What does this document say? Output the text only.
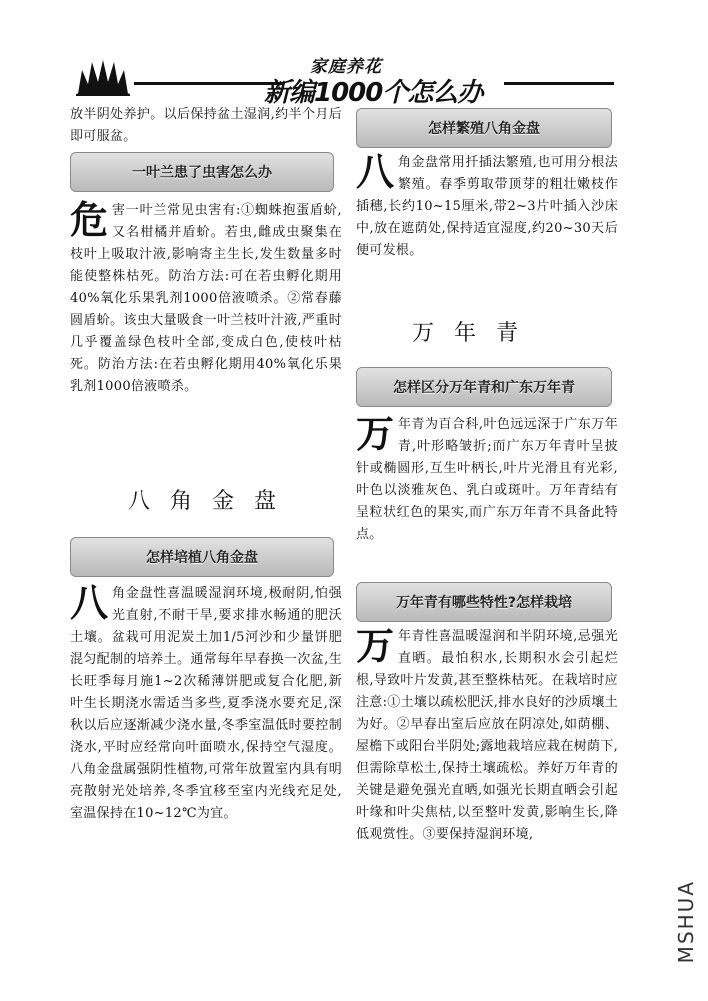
家庭养花
新编1000个怎么办

放半阴处养护。以后保持盆土湿润,约半个月后即可服盆。

一叶兰患了虫害怎么办

危 害一叶兰常见虫害有:①蜘蛛抱蛋盾蚧,又名柑橘并盾蚧。若虫,雌成虫聚集在枝叶上吸取汁液,影响寄主生长,发生数量多时能使整株枯死。防治方法:可在若虫孵化期用40%氧化乐果乳剂1000倍液喷杀。②常春藤圆盾蚧。该虫大量吸食一叶兰枝叶汁液,严重时几乎覆盖绿色枝叶全部,变成白色,使枝叶枯死。防治方法:在若虫孵化期用40%氧化乐果乳剂1000倍液喷杀。

八角金盘
怎样培植八角金盘

八 角金盘性喜温暖湿润环境,极耐阴,怕强光直射,不耐干旱,要求排水畅通的肥沃土壤。盆栽可用泥炭土加1/5河沙和少量饼肥混匀配制的培养土。通常每年早春换一次盆,生长旺季每月施1~2次稀薄饼肥或复合化肥,新叶生长期浇水需适当多些,夏季浇水要充足,深秋以后应逐渐减少浇水量,冬季室温低时要控制浇水,平时应经常向叶面喷水,保持空气湿度。八角金盘属强阴性植物,可常年放置室内具有明亮散射光处培养,冬季宜移至室内光线充足处,室温保持在10~12℃为宜。

怎样繁殖八角金盘

八 角金盘常用扦插法繁殖,也可用分根法繁殖。春季剪取带顶芽的粗壮嫩枝作插穗,长约10~15厘米,带2~3片叶插入沙床中,放在遮荫处,保持适宜湿度,约20~30天后便可发根。

万年青
怎样区分万年青和广东万年青

万 年青为百合科,叶色远远深于广东万年青,叶形略皱折;而广东万年青叶呈披针或椭圆形,互生叶柄长,叶片光滑且有光彩,叶色以淡雅灰色、乳白或斑叶。万年青结有呈粒状红色的果实,而广东万年青不具备此特点。

万年青有哪些特性?怎样栽培

万 年青性喜温暖湿润和半阴环境,忌强光直晒。最怕积水,长期积水会引起烂根,导致叶片发黄,甚至整株枯死。在栽培时应注意:①土壤以疏松肥沃,排水良好的沙质壤土为好。②早春出室后应放在阴凉处,如荫棚、屋檐下或阳台半阴处;露地栽培应栽在树荫下,但需除草松土,保持土壤疏松。养好万年青的关键是避免强光直晒,如强光长期直晒会引起叶缘和叶尖焦枯,以至整叶发黄,影响生长,降低观赏性。③要保持湿润环境,

MSHUA
